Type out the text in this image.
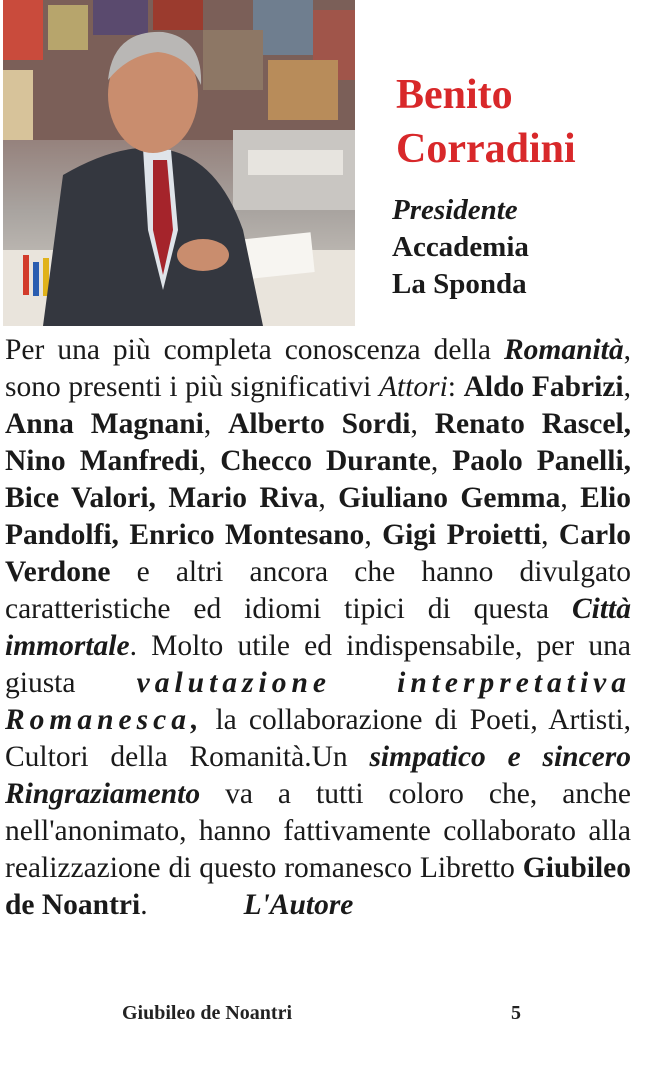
Benito
Corradini
Presidente
Accademia
La Sponda

Per una più completa conoscenza della Romanità, sono presenti i più significativi Attori: Aldo Fabrizi, Anna Magnani, Alberto Sordi, Renato Rascel, Nino Manfredi, Checco Durante, Paolo Panelli, Bice Valori, Mario Riva, Giuliano Gemma, Elio Pandolfi, Enrico Montesano, Gigi Proietti, Carlo Verdone e altri ancora che hanno divulgato caratteristiche ed idiomi tipici di questa Città immortale. Molto utile ed indispensabile, per una giusta valutazione interpretativa Romanesca, la collaborazione di Poeti, Artisti, Cultori della Romanità.Un simpatico e sincero Ringraziamento va a tutti coloro che, anche nell'anonimato, hanno fattivamente collaborato alla realizzazione di questo romanesco Libretto Giubileo de Noantri.	L'Autore

Giubileo de Noantri	5
